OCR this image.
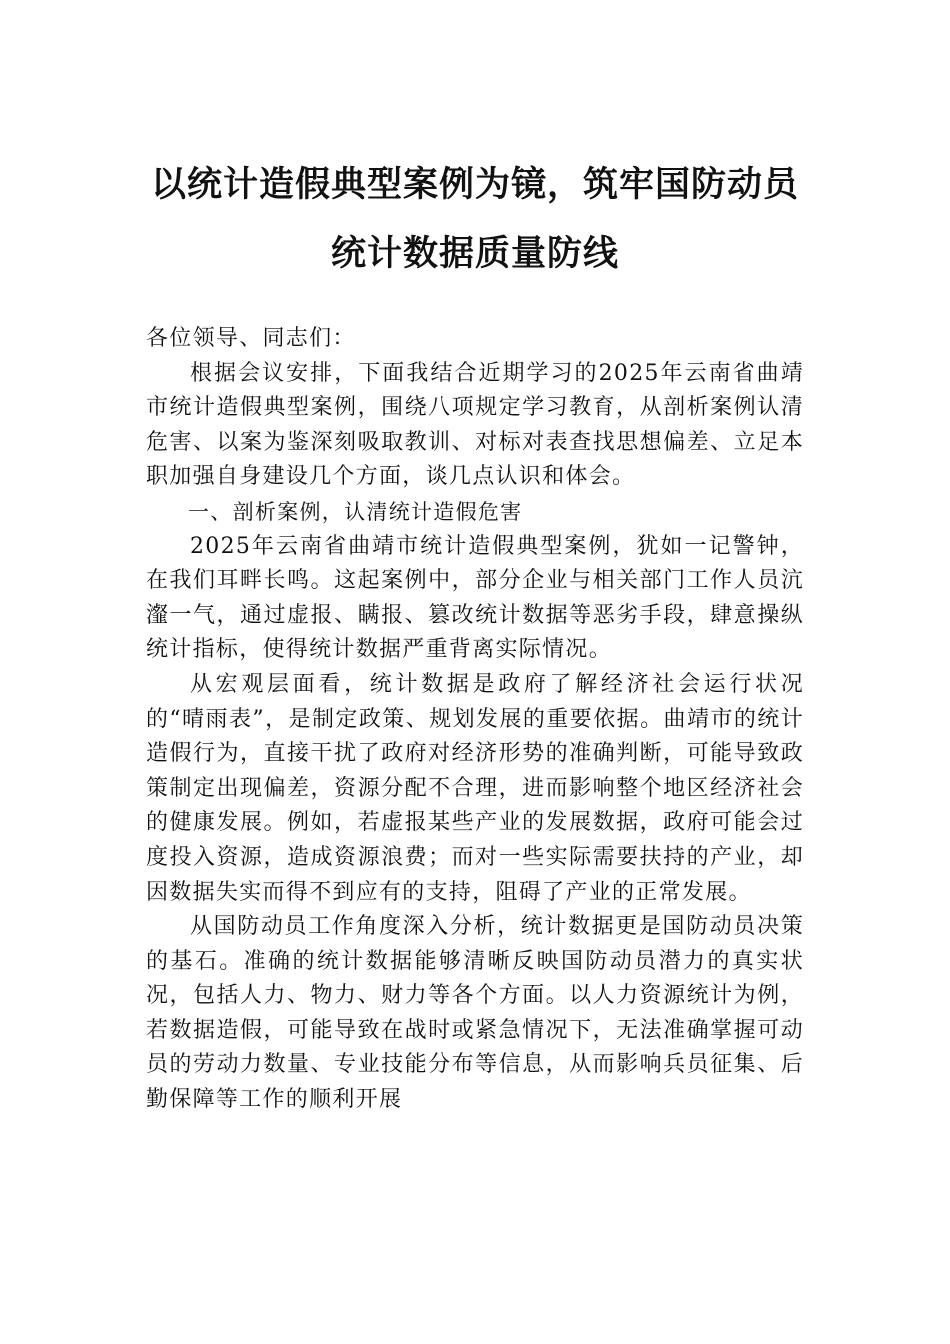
以统计造假典型案例为镜，筑牢国防动员
统计数据质量防线

各位领导、同志们：

根据会议安排，下面我结合近期学习的2025年云南省曲靖市统计造假典型案例，围绕八项规定学习教育，从剖析案例认清危害、以案为鉴深刻吸取教训、对标对表查找思想偏差、立足本职加强自身建设几个方面，谈几点认识和体会。

一、剖析案例，认清统计造假危害

2025年云南省曲靖市统计造假典型案例，犹如一记警钟，在我们耳畔长鸣。这起案例中，部分企业与相关部门工作人员沆瀣一气，通过虚报、瞒报、篡改统计数据等恶劣手段，肆意操纵统计指标，使得统计数据严重背离实际情况。

从宏观层面看，统计数据是政府了解经济社会运行状况的“晴雨表”，是制定政策、规划发展的重要依据。曲靖市的统计造假行为，直接干扰了政府对经济形势的准确判断，可能导致政策制定出现偏差，资源分配不合理，进而影响整个地区经济社会的健康发展。例如，若虚报某些产业的发展数据，政府可能会过度投入资源，造成资源浪费；而对一些实际需要扶持的产业，却因数据失实而得不到应有的支持，阻碍了产业的正常发展。

从国防动员工作角度深入分析，统计数据更是国防动员决策的基石。准确的统计数据能够清晰反映国防动员潜力的真实状况，包括人力、物力、财力等各个方面。以人力资源统计为例，若数据造假，可能导致在战时或紧急情况下，无法准确掌握可动员的劳动力数量、专业技能分布等信息，从而影响兵员征集、后勤保障等工作的顺利开展
